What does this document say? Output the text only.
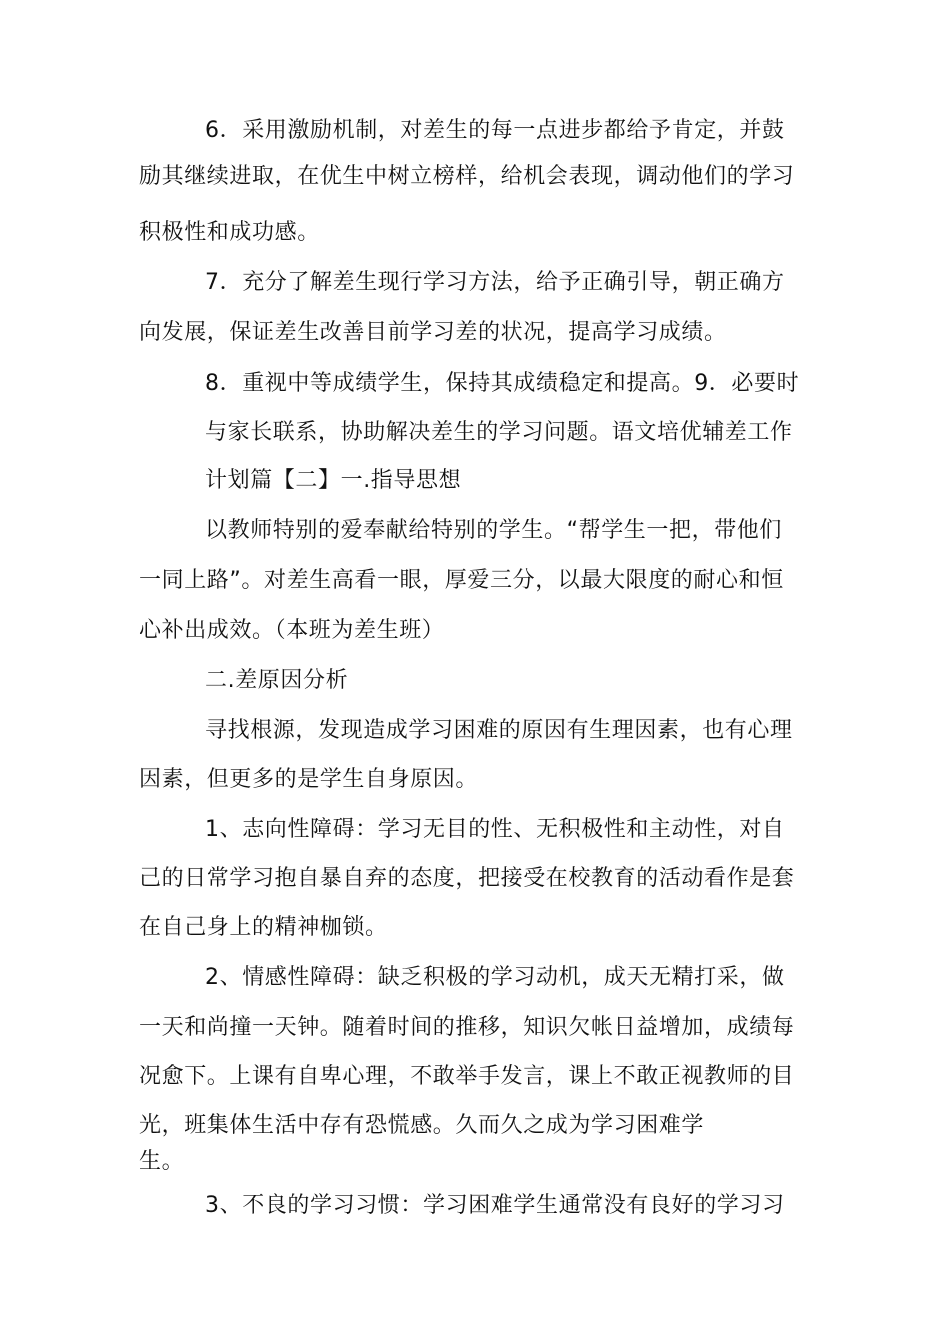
6．采用激励机制，对差生的每一点进步都给予肯定，并鼓
励其继续进取，在优生中树立榜样，给机会表现，调动他们的学习
积极性和成功感。
7．充分了解差生现行学习方法，给予正确引导，朝正确方
向发展，保证差生改善目前学习差的状况，提高学习成绩。
8．重视中等成绩学生，保持其成绩稳定和提高。9．必要时
与家长联系，协助解决差生的学习问题。语文培优辅差工作
计划篇【二】一.指导思想
以教师特别的爱奉献给特别的学生。“帮学生一把，带他们
一同上路”。对差生高看一眼，厚爱三分，以最大限度的耐心和恒
心补出成效。（本班为差生班）
二.差原因分析
寻找根源，发现造成学习困难的原因有生理因素，也有心理
因素，但更多的是学生自身原因。
1、志向性障碍：学习无目的性、无积极性和主动性，对自
己的日常学习抱自暴自弃的态度，把接受在校教育的活动看作是套
在自己身上的精神枷锁。
2、情感性障碍：缺乏积极的学习动机，成天无精打采，做
一天和尚撞一天钟。随着时间的推移，知识欠帐日益增加，成绩每
况愈下。上课有自卑心理，不敢举手发言，课上不敢正视教师的目
光，班集体生活中存有恐慌感。久而久之成为学习困难学
生。
3、不良的学习习惯：学习困难学生通常没有良好的学习习
